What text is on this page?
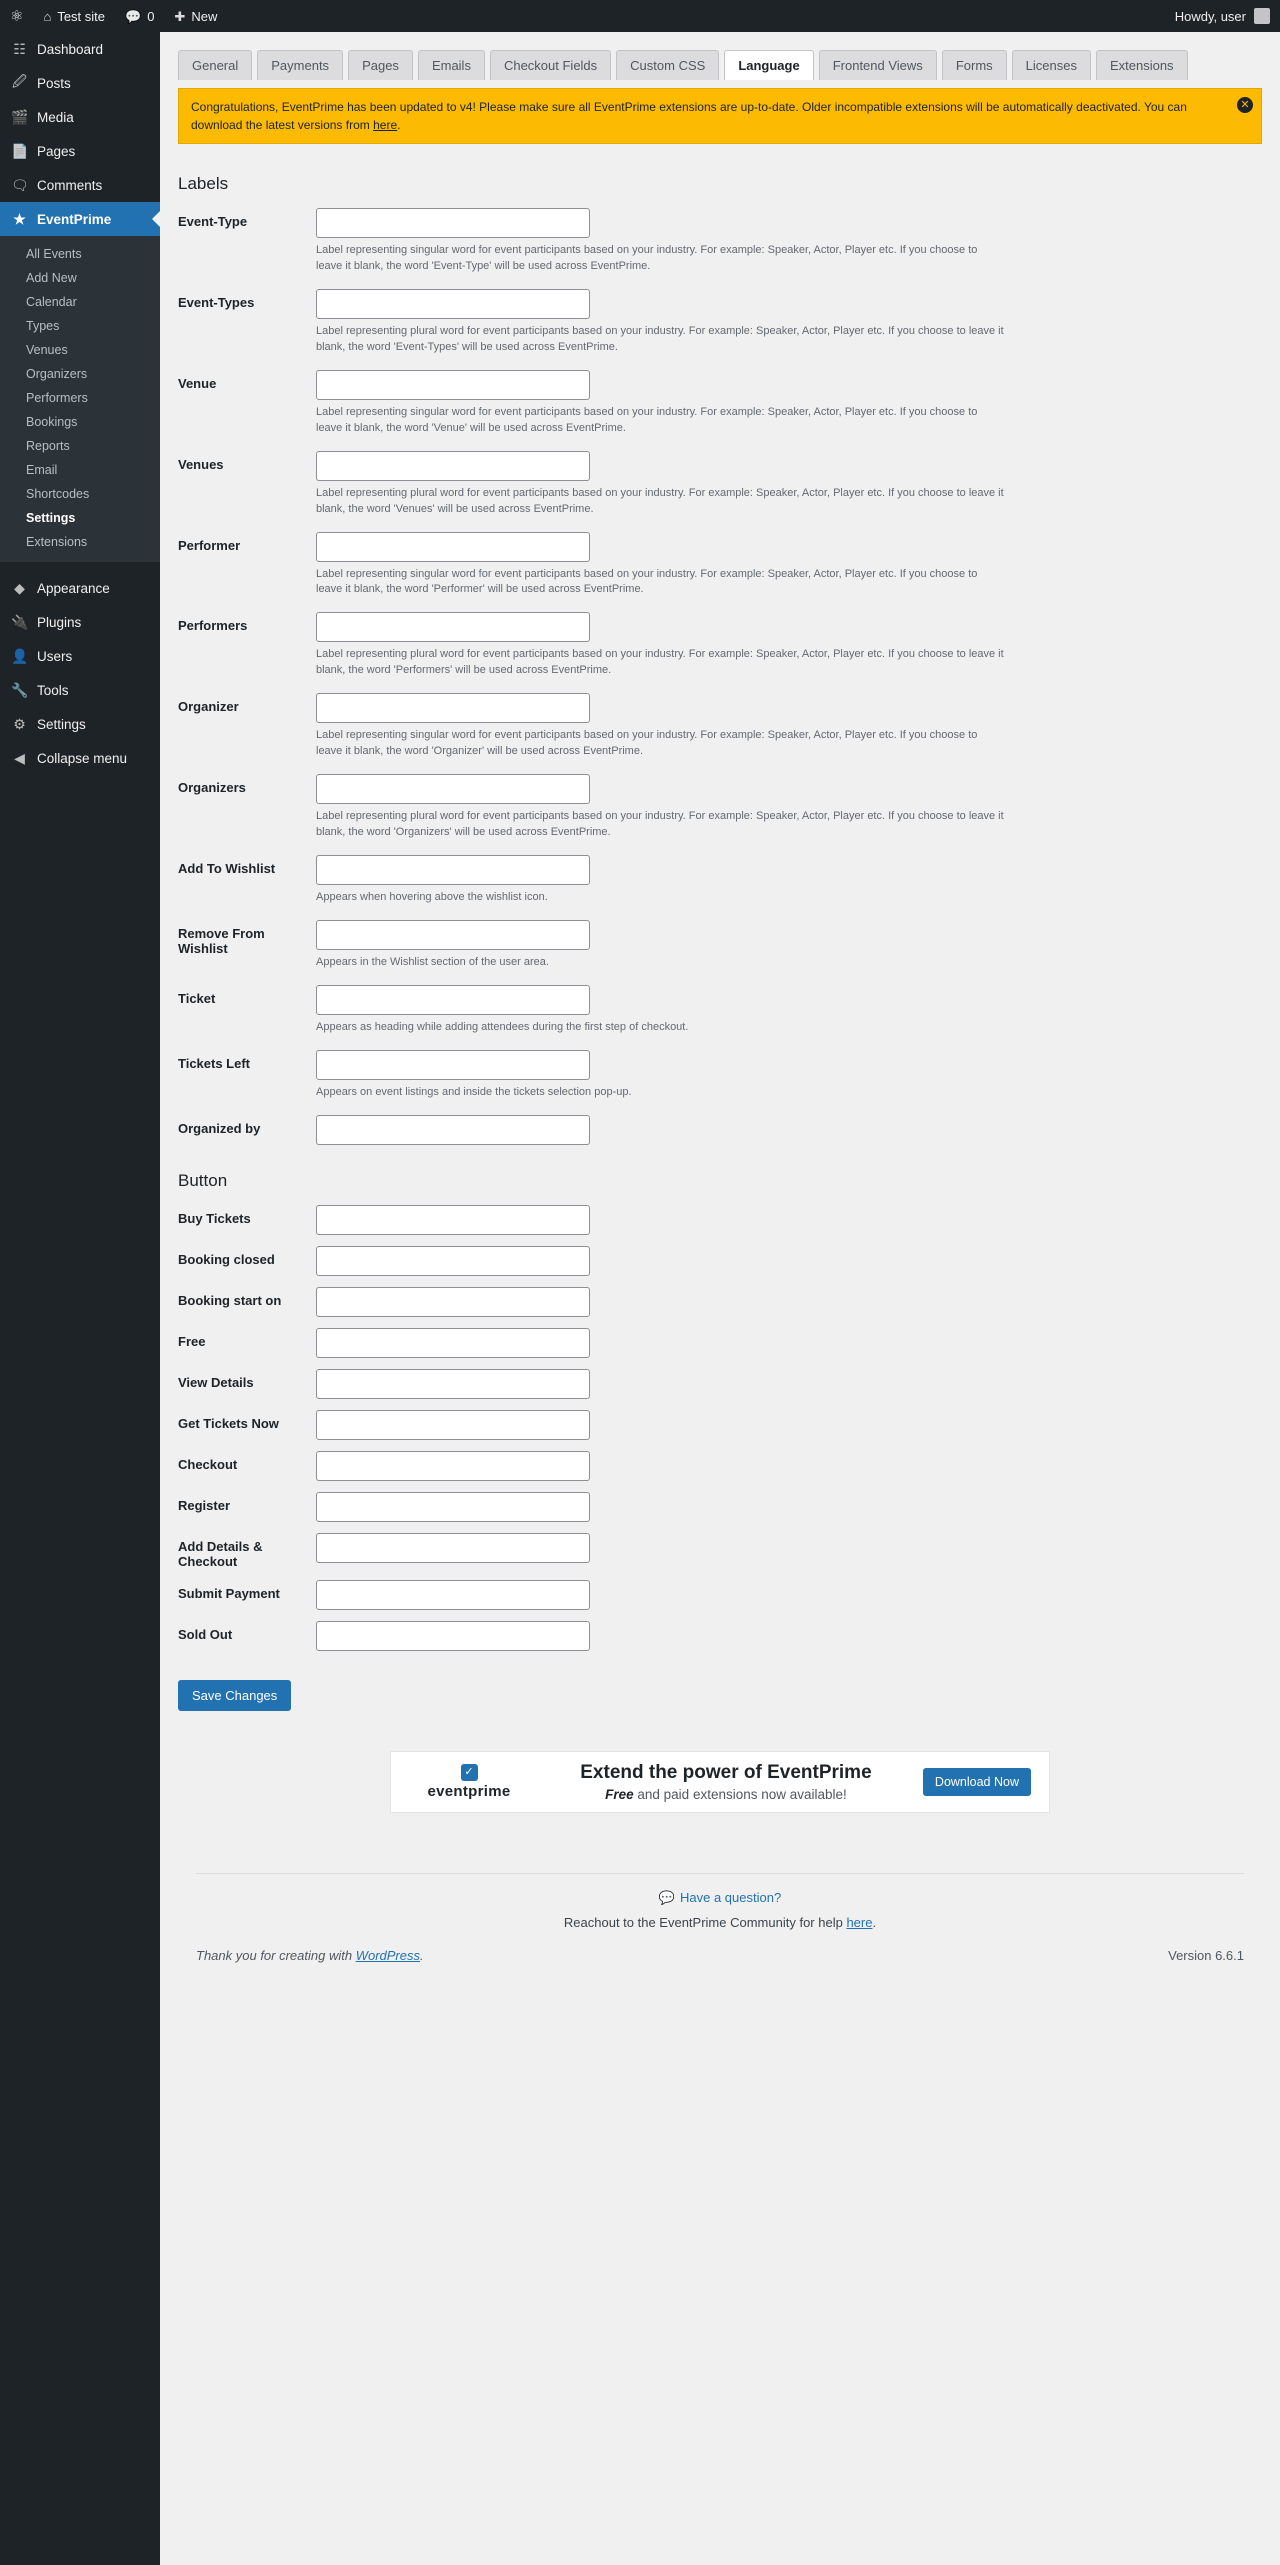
⚛ ⌂ Test site 💬 0 ✚ New	Howdy, user
☷ Dashboard
🖉 Posts
🎬 Media
📄 Pages
🗨 Comments
★ EventPrime
All Events
Add New
Calendar
Types
Venues
Organizers
Performers
Bookings
Reports
Email
Shortcodes
Settings
Extensions
◆ Appearance
🔌 Plugins
👤 Users
🔧 Tools
⚙ Settings
◀ Collapse menu
General	Payments	Pages	Emails	Checkout Fields	Custom CSS	Language	Frontend Views	Forms	Licenses	Extensions
Congratulations, EventPrime has been updated to v4! Please make sure all EventPrime extensions are up-to-date. Older incompatible extensions will be automatically deactivated. You can download the latest versions from here.
✕
Labels
Event-Type
Label representing singular word for event participants based on your industry. For example: Speaker, Actor, Player etc. If you choose to leave it blank, the word 'Event-Type' will be used across EventPrime.
Event-Types
Label representing plural word for event participants based on your industry. For example: Speaker, Actor, Player etc. If you choose to leave it blank, the word 'Event-Types' will be used across EventPrime.
Venue
Label representing singular word for event participants based on your industry. For example: Speaker, Actor, Player etc. If you choose to leave it blank, the word 'Venue' will be used across EventPrime.
Venues
Label representing plural word for event participants based on your industry. For example: Speaker, Actor, Player etc. If you choose to leave it blank, the word 'Venues' will be used across EventPrime.
Performer
Label representing singular word for event participants based on your industry. For example: Speaker, Actor, Player etc. If you choose to leave it blank, the word 'Performer' will be used across EventPrime.
Performers
Label representing plural word for event participants based on your industry. For example: Speaker, Actor, Player etc. If you choose to leave it blank, the word 'Performers' will be used across EventPrime.
Organizer
Label representing singular word for event participants based on your industry. For example: Speaker, Actor, Player etc. If you choose to leave it blank, the word 'Organizer' will be used across EventPrime.
Organizers
Label representing plural word for event participants based on your industry. For example: Speaker, Actor, Player etc. If you choose to leave it blank, the word 'Organizers' will be used across EventPrime.
Add To Wishlist
Appears when hovering above the wishlist icon.
Remove From Wishlist
Appears in the Wishlist section of the user area.
Ticket
Appears as heading while adding attendees during the first step of checkout.
Tickets Left
Appears on event listings and inside the tickets selection pop-up.
Organized by
Button
Buy Tickets
Booking closed
Booking start on
Free
View Details
Get Tickets Now
Checkout
Register
Add Details & Checkout
Submit Payment
Sold Out
Save Changes
✓
eventprime
Extend the power of EventPrime
Free and paid extensions now available!
Download Now
💬 Have a question?
Reachout to the EventPrime Community for help here.
Thank you for creating with WordPress.	Version 6.6.1
